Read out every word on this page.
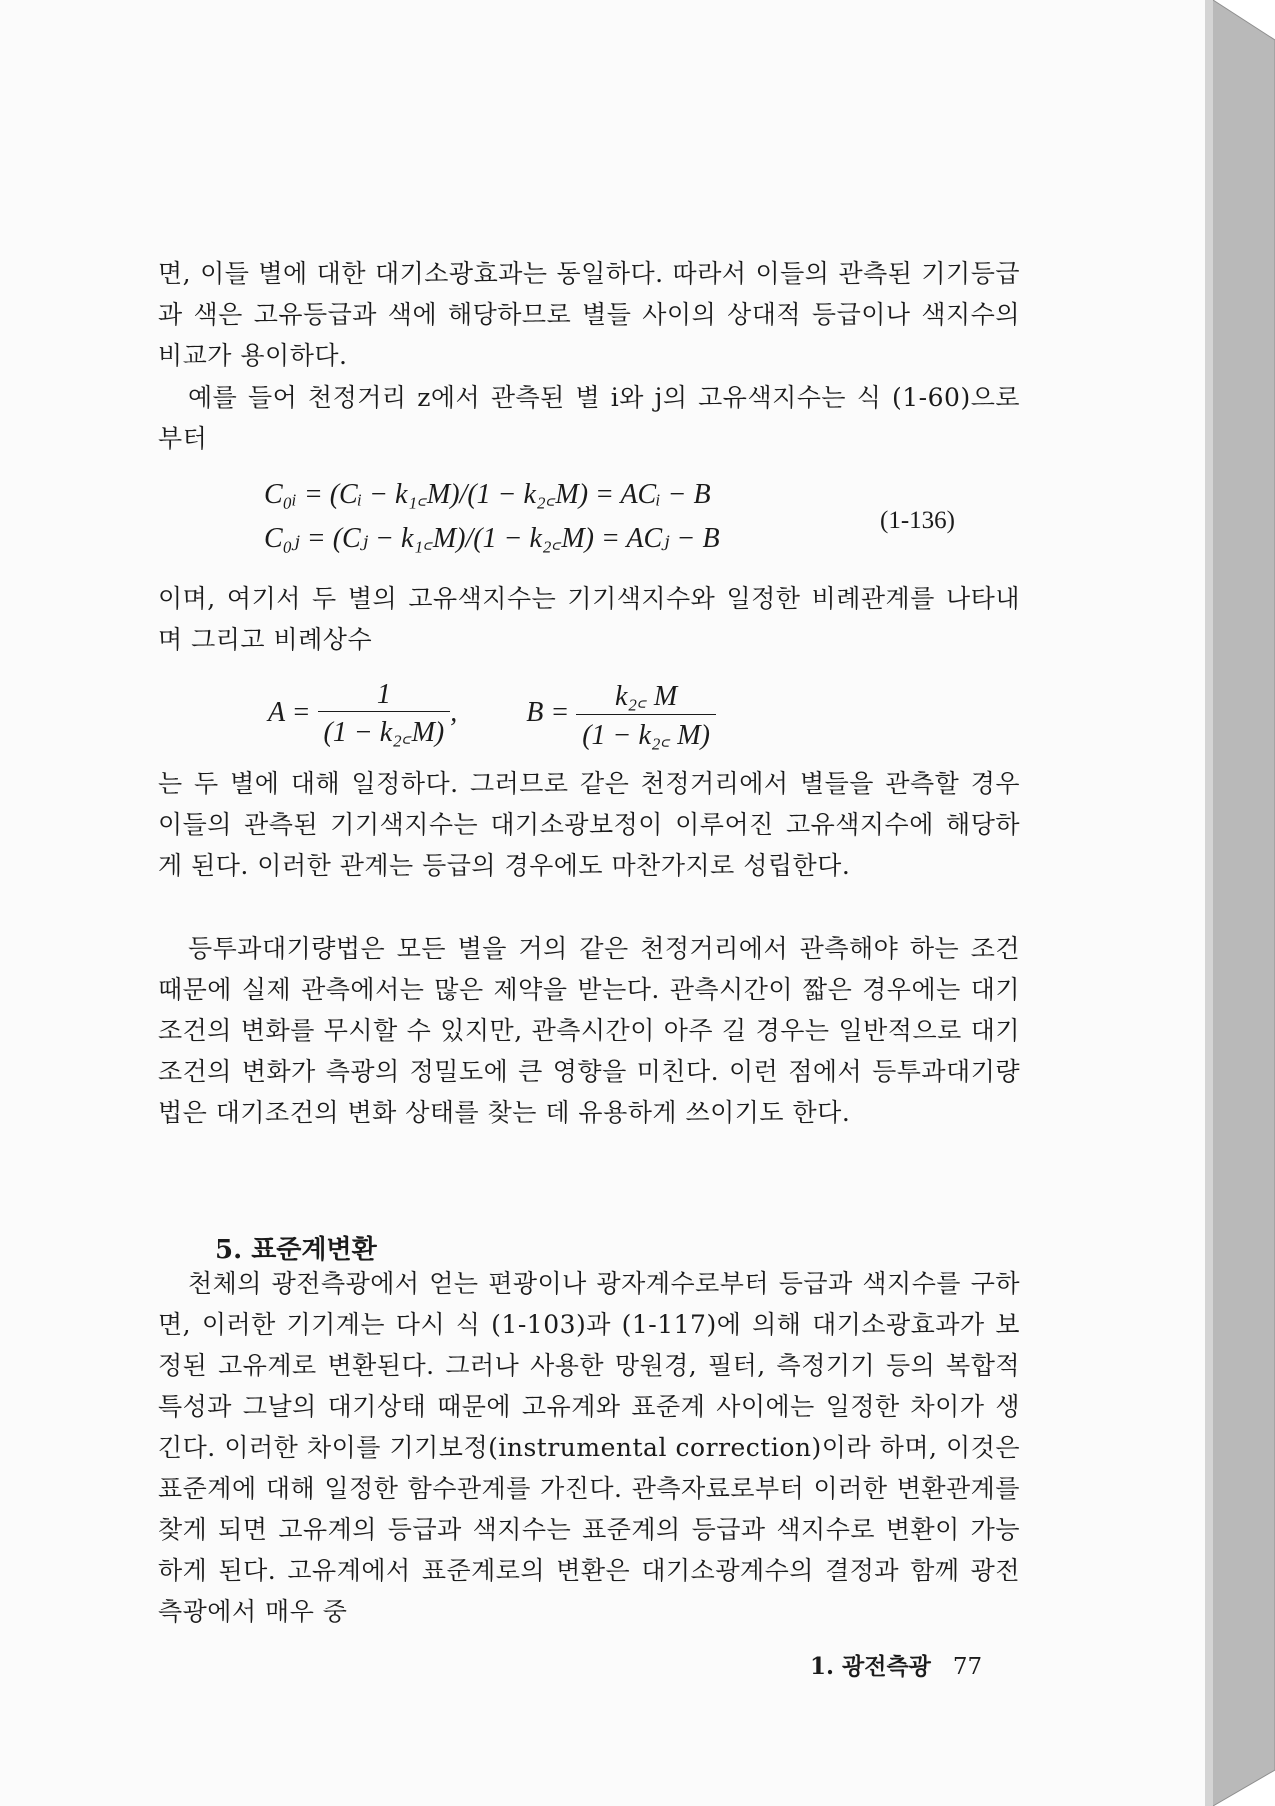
면, 이들 별에 대한 대기소광효과는 동일하다. 따라서 이들의 관측된 기기등급과 색은 고유등급과 색에 해당하므로 별들 사이의 상대적 등급이나 색지수의 비교가 용이하다.

예를 들어 천정거리 z에서 관측된 별 i와 j의 고유색지수는 식 (1-60)으로부터

C₀ᵢ = (Cᵢ − k₁꜀M)/(1 − k₂꜀M) = ACᵢ − B
C₀ⱼ = (Cⱼ − k₁꜀M)/(1 − k₂꜀M) = ACⱼ − B
(1-136)

이며, 여기서 두 별의 고유색지수는 기기색지수와 일정한 비례관계를 나타내며 그리고 비례상수

$A = \frac{1}{\text{(1 − k₂꜀M)}}$ , $B = \frac{\text{k₂꜀ M}}{\text{(1 − k₂꜀ M)}}$

는 두 별에 대해 일정하다. 그러므로 같은 천정거리에서 별들을 관측할 경우 이들의 관측된 기기색지수는 대기소광보정이 이루어진 고유색지수에 해당하게 된다. 이러한 관계는 등급의 경우에도 마찬가지로 성립한다.

등투과대기량법은 모든 별을 거의 같은 천정거리에서 관측해야 하는 조건 때문에 실제 관측에서는 많은 제약을 받는다. 관측시간이 짧은 경우에는 대기조건의 변화를 무시할 수 있지만, 관측시간이 아주 길 경우는 일반적으로 대기조건의 변화가 측광의 정밀도에 큰 영향을 미친다. 이런 점에서 등투과대기량법은 대기조건의 변화 상태를 찾는 데 유용하게 쓰이기도 한다.

5. 표준계변환

천체의 광전측광에서 얻는 편광이나 광자계수로부터 등급과 색지수를 구하면, 이러한 기기계는 다시 식 (1-103)과 (1-117)에 의해 대기소광효과가 보정된 고유계로 변환된다. 그러나 사용한 망원경, 필터, 측정기기 등의 복합적 특성과 그날의 대기상태 때문에 고유계와 표준계 사이에는 일정한 차이가 생긴다. 이러한 차이를 기기보정(instrumental correction)이라 하며, 이것은 표준계에 대해 일정한 함수관계를 가진다. 관측자료로부터 이러한 변환관계를 찾게 되면 고유계의 등급과 색지수는 표준계의 등급과 색지수로 변환이 가능하게 된다. 고유계에서 표준계로의 변환은 대기소광계수의 결정과 함께 광전측광에서 매우 중

1. 광전측광 77
